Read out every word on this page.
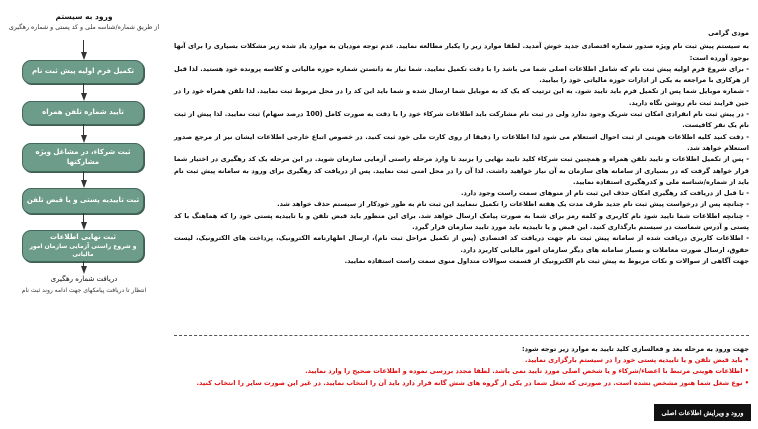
ورود به سیستم
از طریق شماره/شناسه ملی و کد پستی و شماره رهگیری
تکمیل فرم اولیه پیش ثبت نام
تایید شماره تلفن همراه
ثبت شرکاء، در مشاغل ویژه مشارکتها
ثبت تاییدیه پستی و یا قبض تلفن
ثبت نهایی اطلاعات
و شروع راستی آزمایی سازمان امور مالیاتی
دریافت شماره رهگیری
انتظار تا دریافت پیامکهای جهت ادامه روند ثبت نام

مودی گرامی

به سیستم پیش ثبت نام ویژه صدور شماره اقتصادی جدید خوش آمدید. لطفا موارد زیر را یکبار مطالعه نمایید. عدم توجه مودیان به موارد یاد شده زیر مشکلات بسیاری را برای آنها بوجود آورده است:

- برای شروع فرم اولیه پیش ثبت نام که شامل اطلاعات اصلی شما می باشد را با دقت تکمیل نمایید. شما نیاز به دانستن شماره حوزه مالیاتی و کلاسه پرونده خود هستید. لذا قبل از هرکاری با مراجعه به یکی از ادارات حوزه مالیاتی خود را بیابید.

- شماره موبایل شما پس از تکمیل فرم باید تایید شود. به این ترتیب که یک کد به موبایل شما ارسال شده و شما باید این کد را در محل مربوط ثبت نمایید. لذا تلفن همراه خود را در حین فرایند ثبت نام روشن نگاه دارید.

- در پیش ثبت نام انفرادی امکان ثبت شریک وجود ندارد ولی در ثبت نام مشارکت باید اطلاعات شرکاء خود را با دقت به صورت کامل (100 درصد سهام) ثبت نمایید. لذا پیش از ثبت نام یک نفر کافیست.

- دقت کنید کلیه اطلاعات هویتی از ثبت احوال استعلام می شود لذا اطلاعات را دقیقا از روی کارت ملی خود ثبت کنید. در خصوص اتباع خارجی اطلاعات ایشان نیز از مرجع صدور استعلام خواهد شد.

- پس از تکمیل اطلاعات و تایید تلفن همراه و همچنین ثبت شرکاء کلید تایید نهایی را بزنید تا وارد مرحله راستی آزمایی سازمان شوید. در این مرحله یک کد رهگیری در اختیار شما قرار خواهد گرفت که در بسیاری از سامانه های سازمان به آن نیاز خواهید داشت. لذا آن را در محل امنی ثبت نمایید. پس از دریافت کد رهگیری برای ورود به سامانه پیش ثبت نام باید از شماره/شناسه ملی و کدرهگیری استفاده نمایید.

- تا قبل از دریافت کد رهگیری امکان حذف این ثبت نام از منوهای سمت راست وجود دارد.

- چنانچه پس از درخواست پیش ثبت نام جدید طرف مدت یک هفته اطلاعات را تکمیل ننمایید این ثبت نام به طور خودکار از سیستم حذف خواهد شد.

- چنانچه اطلاعات شما تایید شود نام کاربری و کلمه رمز برای شما به صورت پیامک ارسال خواهد شد. برای این منظور باید قبض تلفن و یا تاییدیه پستی خود را که هماهنگ با کد پستی و آدرس شماست در سیستم بارگذاری کنید. این قبض و یا تاییدیه باید مورد تایید سازمان قرار گیرد.

- اطلاعات کاربری دریافت شده از سامانه پیش ثبت نام جهت دریافت کد اقتصادی (پس از تکمیل مراحل ثبت نام)، ارسال اظهارنامه الکترونیک، پرداخت های الکترونیک، لیست حقوق، ارسال صورت معاملات و بسیار سامانه های دیگر سازمان امور مالیاتی کاربرد دارد.

جهت آگاهی از سوالات و نکات مربوط به پیش ثبت نام الکترونیک از قسمت سوالات متداول منوی سمت راست استفاده نمایید.

جهت ورود به مرحله بعد و فعالسازی کلید تایید به موارد زیر توجه شود:
• باید قبض تلفن و یا تاییدیه پستی خود را در سیستم بارگزاری نمایید.
• اطلاعات هویتی مرتبط با اعضاء/شرکاء و یا شخص اصلی مورد تایید نمی باشد. لطفا مجدد بررسی نموده و اطلاعات صحیح را وارد نمایید.
• نوع شغل شما هنوز مشخص نشده است. در صورتی که شغل شما در یکی از گروه های شش گانه قرار دارد باید آن را انتخاب نمایید. در غیر این صورت سایر را انتخاب کنید.
ورود و ویرایش اطلاعات اصلی
